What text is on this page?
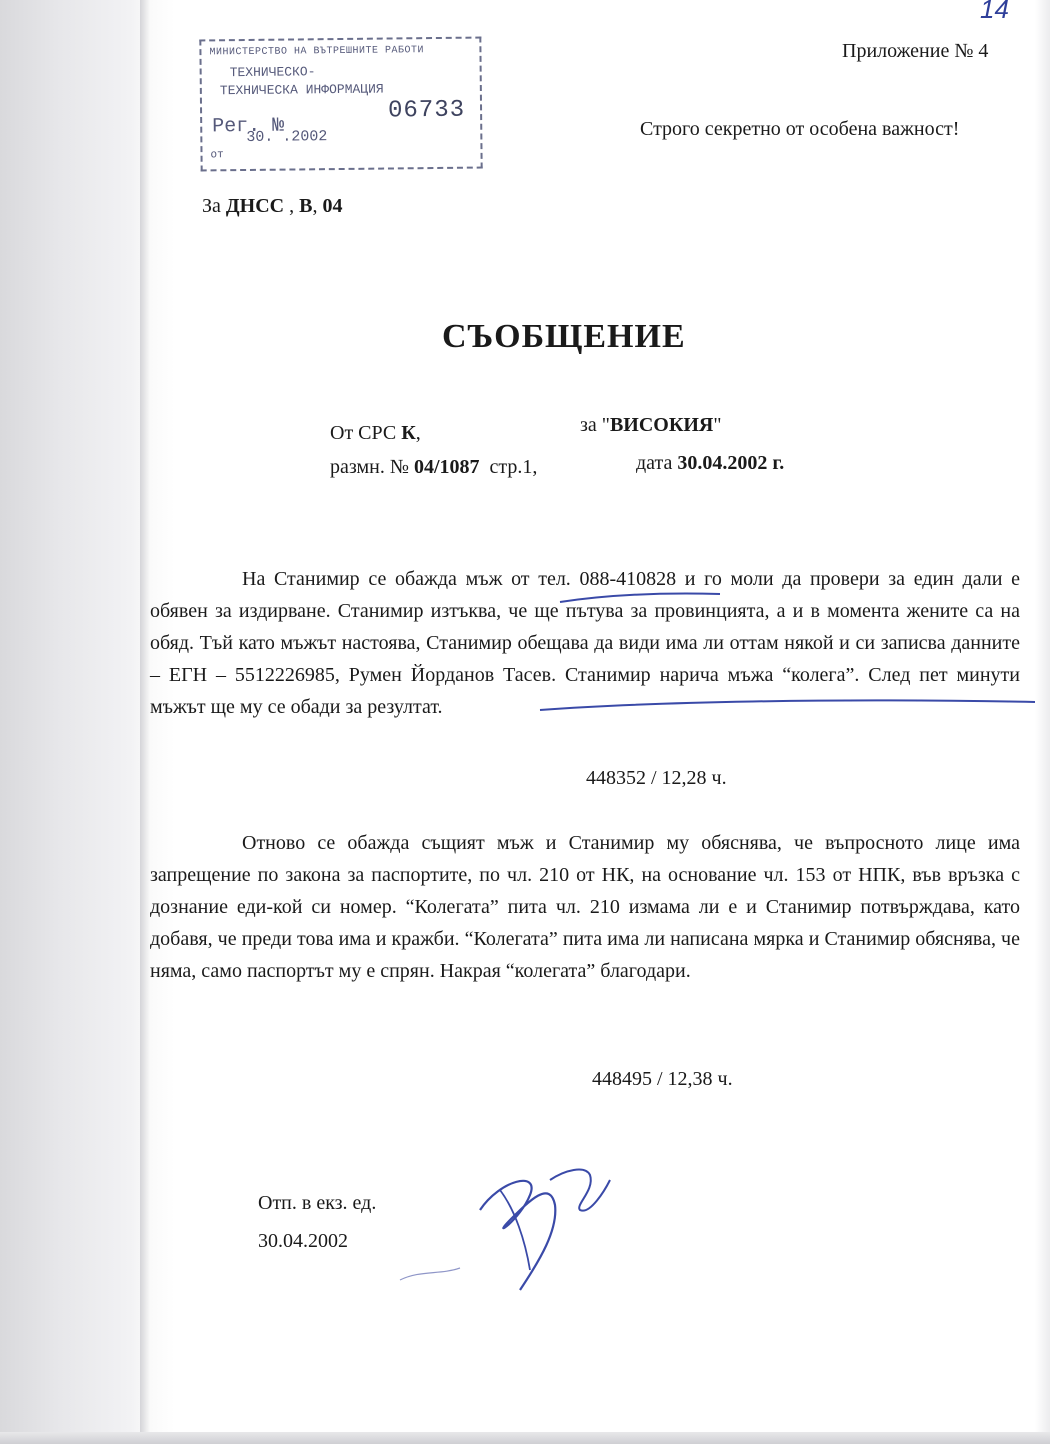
14
МИНИСТЕРСТВО НА ВЪТРЕШНИТЕ РАБОТИ
ТЕХНИЧЕСКО-
ТЕХНИЧЕСКА ИНФОРМАЦИЯ
Рег. №
06733
30. .2002
от
Приложение № 4
Строго секретно от особена важност!
За ДНСС , В, 04
СЪОБЩЕНИЕ
От СРС К,	за "ВИСОКИЯ"
размн. № 04/1087 стр.1,	дата 30.04.2002 г.
На Станимир се обажда мъж от тел. 088-410828 и го моли да провери за един дали е обявен за издирване. Станимир изтъква, че ще пътува за провинцията, а и в момента жените са на обяд. Тъй като мъжът настоява, Станимир обещава да види има ли оттам някой и си записва данните – ЕГН – 5512226985, Румен Йорданов Тасев. Станимир нарича мъжа “колега”. След пет минути мъжът ще му се обади за резултат.
448352 / 12,28 ч.
Отново се обажда същият мъж и Станимир му обяснява, че въпросното лице има запрещение по закона за паспортите, по чл. 210 от НК, на основание чл. 153 от НПК, във връзка с дознание еди-кой си номер. “Колегата” пита чл. 210 измама ли е и Станимир потвърждава, като добавя, че преди това има и кражби. “Колегата” пита има ли написана мярка и Станимир обяснява, че няма, само паспортът му е спрян. Накрая “колегата” благодари.
448495 / 12,38 ч.
Отп. в екз. ед.
30.04.2002
